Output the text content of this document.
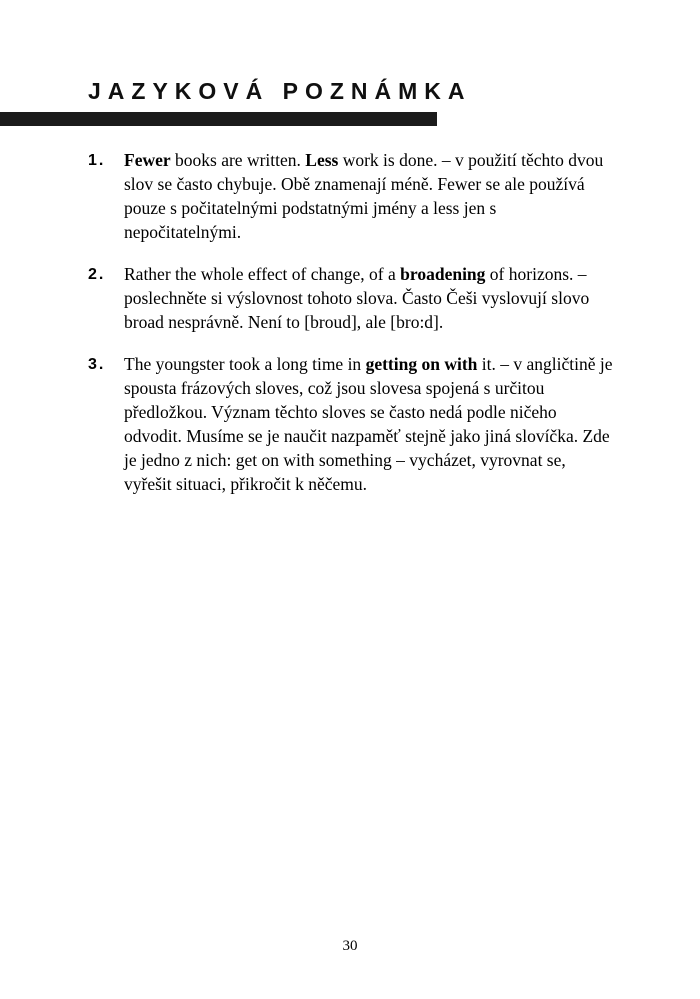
JAZYKOVÁ POZNÁMKA
1.	Fewer books are written. Less work is done. – v použití těchto dvou slov se často chybuje. Obě znamenají méně. Fewer se ale používá pouze s počitatelnými podstatnými jmény a less jen s nepočitatelnými.

2.	Rather the whole effect of change, of a broadening of horizons. – poslechněte si výslovnost tohoto slova. Často Češi vyslovují slovo broad nesprávně. Není to [broud], ale [bro:d].

3.	The youngster took a long time in getting on with it. – v angličtině je spousta frázových sloves, což jsou slovesa spojená s určitou předložkou. Význam těchto sloves se často nedá podle ničeho odvodit. Musíme se je naučit nazpaměť stejně jako jiná slovíčka. Zde je jedno z nich: get on with something – vycházet, vyrovnat se, vyřešit situaci, přikročit k něčemu.

30
